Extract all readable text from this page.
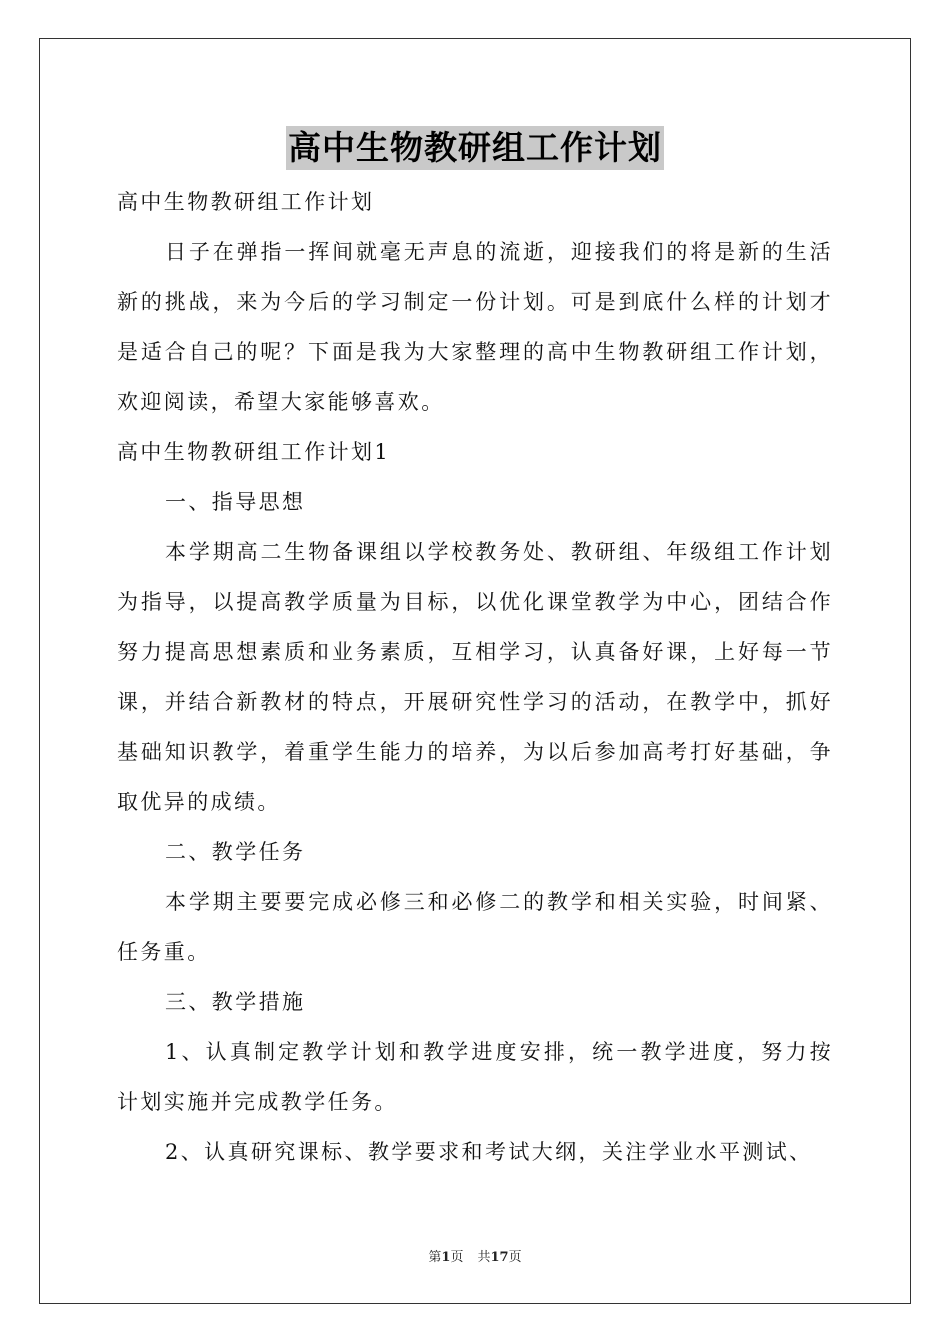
高中生物教研组工作计划

高中生物教研组工作计划

日子在弹指一挥间就毫无声息的流逝，迎接我们的将是新的生活新的挑战，来为今后的学习制定一份计划。可是到底什么样的计划才是适合自己的呢？下面是我为大家整理的高中生物教研组工作计划，欢迎阅读，希望大家能够喜欢。

高中生物教研组工作计划1

一、指导思想

本学期高二生物备课组以学校教务处、教研组、年级组工作计划为指导，以提高教学质量为目标，以优化课堂教学为中心，团结合作努力提高思想素质和业务素质，互相学习，认真备好课，上好每一节课，并结合新教材的特点，开展研究性学习的活动，在教学中，抓好基础知识教学，着重学生能力的培养，为以后参加高考打好基础，争取优异的成绩。

二、教学任务

本学期主要要完成必修三和必修二的教学和相关实验，时间紧、任务重。

三、教学措施

1、认真制定教学计划和教学进度安排，统一教学进度，努力按计划实施并完成教学任务。

2、认真研究课标、教学要求和考试大纲，关注学业水平测试、

第1页 共17页
